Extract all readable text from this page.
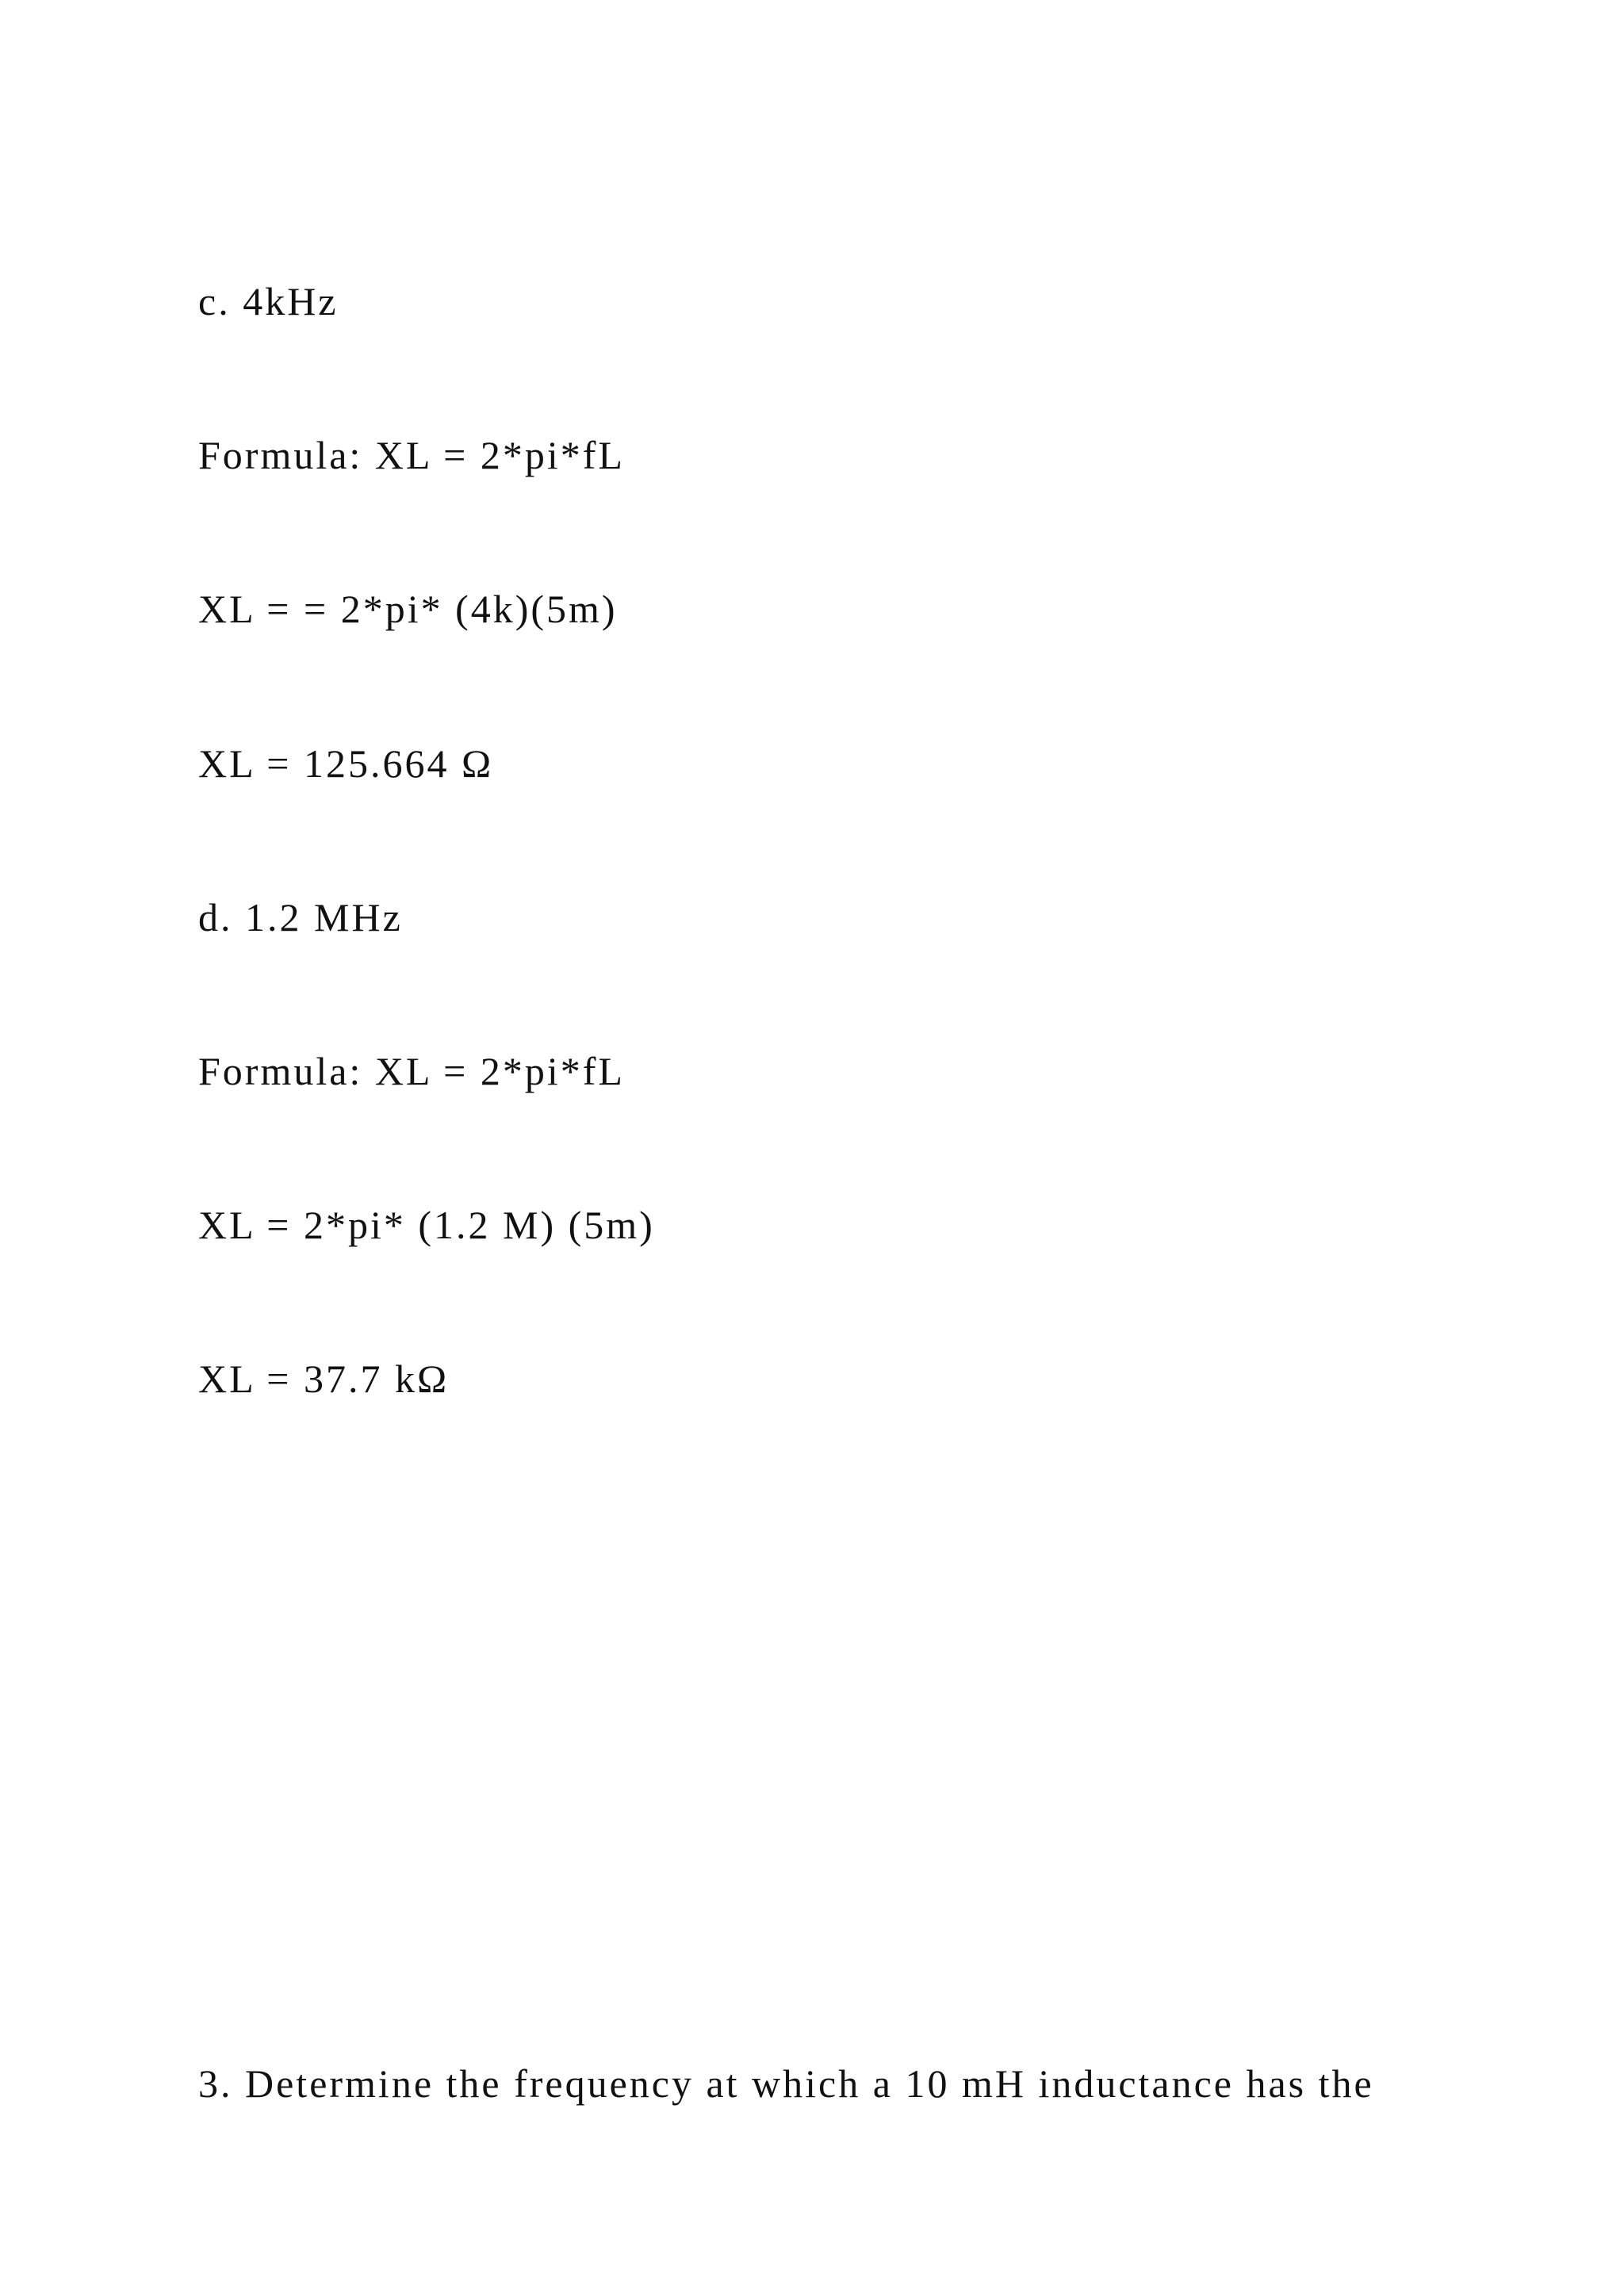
c. 4kHz

Formula: XL = 2*pi*fL

XL = = 2*pi* (4k)(5m)

XL = 125.664 Ω

d. 1.2 MHz

Formula: XL = 2*pi*fL

XL = 2*pi* (1.2 M) (5m)

XL = 37.7 kΩ

3. Determine the frequency at which a 10 mH inductance has the
